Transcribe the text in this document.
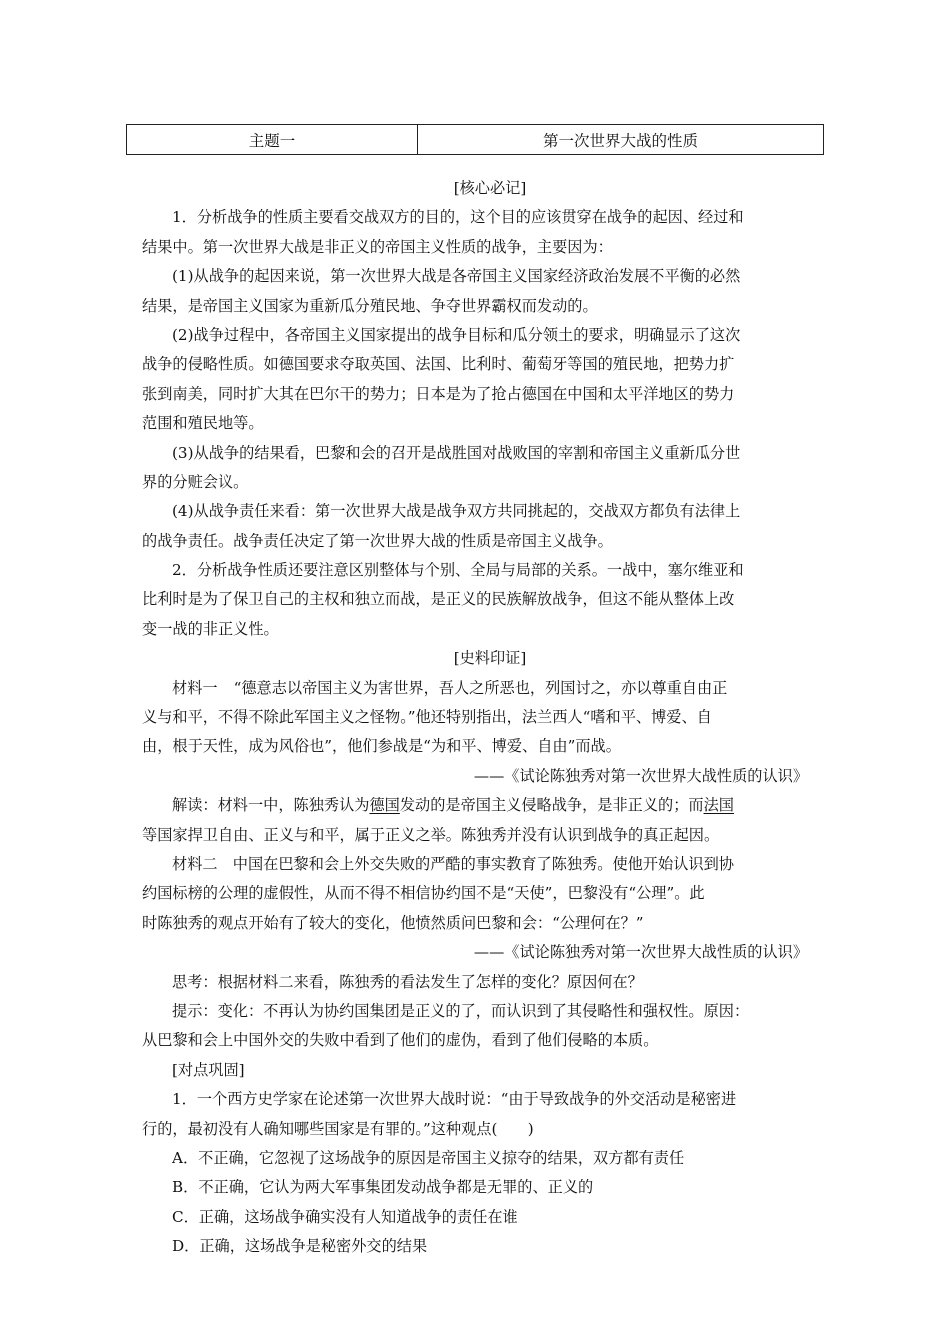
主题一	第一次世界大战的性质
[核心必记]
1．分析战争的性质主要看交战双方的目的，这个目的应该贯穿在战争的起因、经过和
结果中。第一次世界大战是非正义的帝国主义性质的战争，主要因为：
(1)从战争的起因来说，第一次世界大战是各帝国主义国家经济政治发展不平衡的必然
结果，是帝国主义国家为重新瓜分殖民地、争夺世界霸权而发动的。
(2)战争过程中，各帝国主义国家提出的战争目标和瓜分领土的要求，明确显示了这次
战争的侵略性质。如德国要求夺取英国、法国、比利时、葡萄牙等国的殖民地，把势力扩
张到南美，同时扩大其在巴尔干的势力；日本是为了抢占德国在中国和太平洋地区的势力
范围和殖民地等。
(3)从战争的结果看，巴黎和会的召开是战胜国对战败国的宰割和帝国主义重新瓜分世
界的分赃会议。
(4)从战争责任来看：第一次世界大战是战争双方共同挑起的，交战双方都负有法律上
的战争责任。战争责任决定了第一次世界大战的性质是帝国主义战争。
2．分析战争性质还要注意区别整体与个别、全局与局部的关系。一战中，塞尔维亚和
比利时是为了保卫自己的主权和独立而战，是正义的民族解放战争，但这不能从整体上改
变一战的非正义性。
[史料印证]
材料一 “德意志以帝国主义为害世界，吾人之所恶也，列国讨之，亦以尊重自由正
义与和平，不得不除此军国主义之怪物。”他还特别指出，法兰西人“嗜和平、博爱、自
由，根于天性，成为风俗也”，他们参战是“为和平、博爱、自由”而战。
——《试论陈独秀对第一次世界大战性质的认识》
解读：材料一中，陈独秀认为德国发动的是帝国主义侵略战争，是非正义的；而法国
等国家捍卫自由、正义与和平，属于正义之举。陈独秀并没有认识到战争的真正起因。
材料二　中国在巴黎和会上外交失败的严酷的事实教育了陈独秀。使他开始认识到协
约国标榜的公理的虚假性，从而不得不相信协约国不是“天使”，巴黎没有“公理”。此
时陈独秀的观点开始有了较大的变化，他愤然质问巴黎和会：“公理何在？”
——《试论陈独秀对第一次世界大战性质的认识》
思考：根据材料二来看，陈独秀的看法发生了怎样的变化？原因何在？
提示：变化：不再认为协约国集团是正义的了，而认识到了其侵略性和强权性。原因：
从巴黎和会上中国外交的失败中看到了他们的虚伪，看到了他们侵略的本质。
[对点巩固]
1．一个西方史学家在论述第一次世界大战时说：“由于导致战争的外交活动是秘密进
行的，最初没有人确知哪些国家是有罪的。”这种观点(　　)
A．不正确，它忽视了这场战争的原因是帝国主义掠夺的结果，双方都有责任
B．不正确，它认为两大军事集团发动战争都是无罪的、正义的
C．正确，这场战争确实没有人知道战争的责任在谁
D．正确，这场战争是秘密外交的结果
